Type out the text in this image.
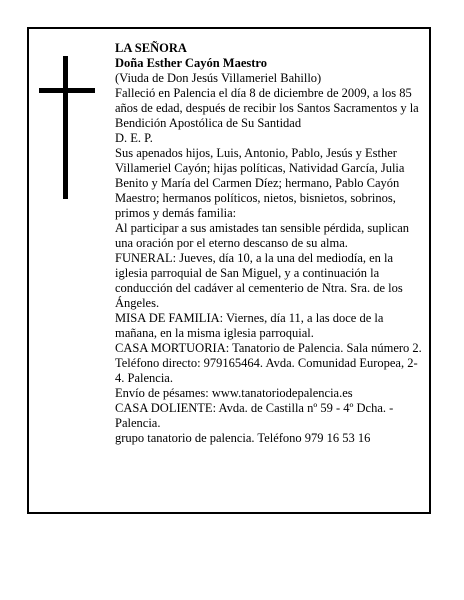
LA SEÑORA

Doña Esther Cayón Maestro

(Viuda de Don Jesús Villameriel Bahillo)

Falleció en Palencia el día 8 de diciembre de 2009, a los 85 años de edad, después de recibir los Santos Sacramentos y la Bendición Apostólica de Su Santidad

D. E. P.

Sus apenados hijos, Luis, Antonio, Pablo, Jesús y Esther Villameriel Cayón; hijas políticas, Natividad García, Julia Benito y María del Carmen Díez; hermano, Pablo Cayón Maestro; hermanos políticos, nietos, bisnietos, sobrinos, primos y demás familia:

Al participar a sus amistades tan sensible pérdida, suplican una oración por el eterno descanso de su alma.

FUNERAL: Jueves, día 10, a la una del mediodía, en la iglesia parroquial de San Miguel, y a continuación la conducción del cadáver al cementerio de Ntra. Sra. de los Ángeles.

MISA DE FAMILIA: Viernes, día 11, a las doce de la mañana, en la misma iglesia parroquial.

CASA MORTUORIA: Tanatorio de Palencia. Sala número 2. Teléfono directo: 979165464. Avda. Comunidad Europea, 2-4. Palencia.

Envío de pésames: www.tanatoriodepalencia.es

CASA DOLIENTE: Avda. de Castilla nº 59 - 4º Dcha. - Palencia.

grupo tanatorio de palencia. Teléfono 979 16 53 16
